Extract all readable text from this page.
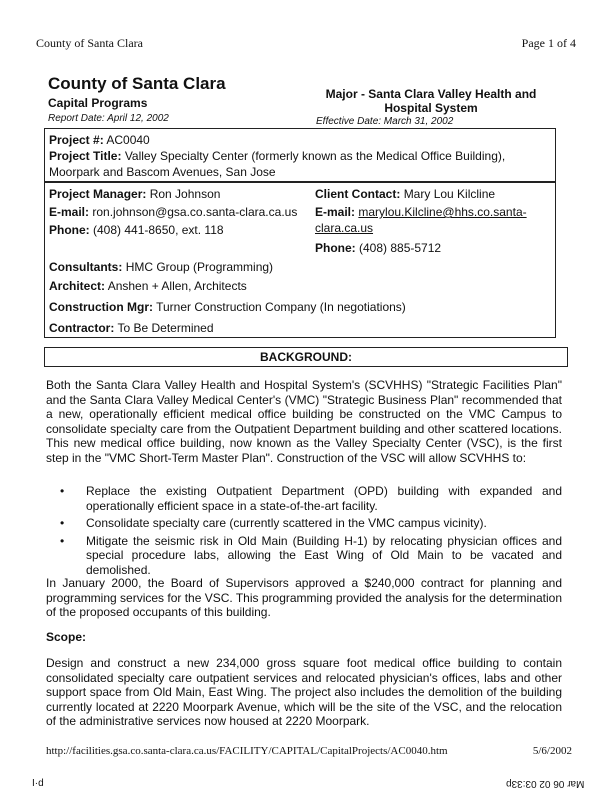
County of Santa Clara	Page 1 of 4
County of Santa Clara
Capital Programs
Report Date: April 12, 2002
Major - Santa Clara Valley Health and Hospital System
Effective Date: March 31, 2002
Project #: AC0040
Project Title: Valley Specialty Center (formerly known as the Medical Office Building), Moorpark and Bascom Avenues, San Jose
Project Manager: Ron Johnson
E-mail: ron.johnson@gsa.co.santa-clara.ca.us
Phone: (408) 441-8650, ext. 118
Client Contact: Mary Lou Kilcline
E-mail: marylou.Kilcline@hhs.co.santa-clara.ca.us
Phone: (408) 885-5712
Consultants: HMC Group (Programming)
Architect: Anshen + Allen, Architects
Construction Mgr: Turner Construction Company (In negotiations)
Contractor: To Be Determined
BACKGROUND:
Both the Santa Clara Valley Health and Hospital System's (SCVHHS) "Strategic Facilities Plan" and the Santa Clara Valley Medical Center's (VMC) "Strategic Business Plan" recommended that a new, operationally efficient medical office building be constructed on the VMC Campus to consolidate specialty care from the Outpatient Department building and other scattered locations. This new medical office building, now known as the Valley Specialty Center (VSC), is the first step in the "VMC Short-Term Master Plan". Construction of the VSC will allow SCVHHS to:
• Replace the existing Outpatient Department (OPD) building with expanded and operationally efficient space in a state-of-the-art facility.
• Consolidate specialty care (currently scattered in the VMC campus vicinity).
• Mitigate the seismic risk in Old Main (Building H-1) by relocating physician offices and special procedure labs, allowing the East Wing of Old Main to be vacated and demolished.
In January 2000, the Board of Supervisors approved a $240,000 contract for planning and programming services for the VSC. This programming provided the analysis for the determination of the proposed occupants of this building.
Scope:
Design and construct a new 234,000 gross square foot medical office building to contain consolidated specialty care outpatient services and relocated physician's offices, labs and other support space from Old Main, East Wing. The project also includes the demolition of the building currently located at 2220 Moorpark Avenue, which will be the site of the VSC, and the relocation of the administrative services now housed at 2220 Moorpark.
http://facilities.gsa.co.santa-clara.ca.us/FACILITY/CAPITAL/CapitalProjects/AC0040.htm	5/6/2002
I·d	Mar 06 02 03:33p
